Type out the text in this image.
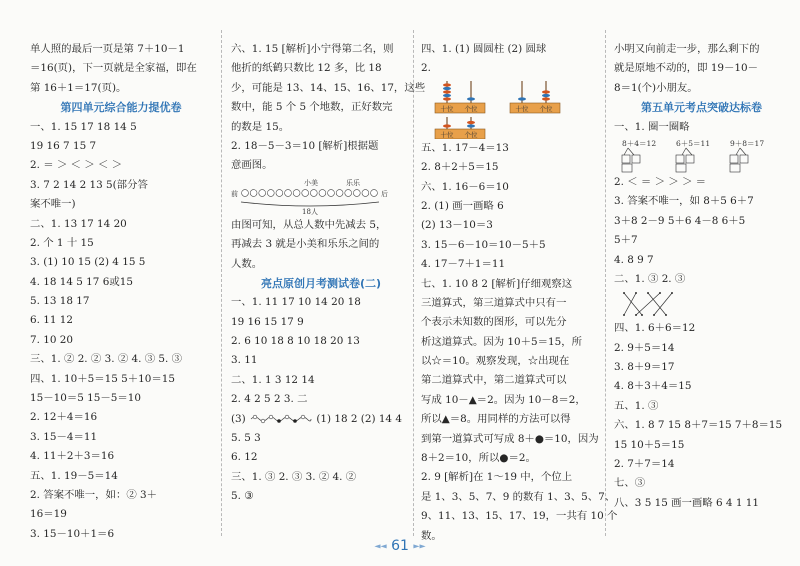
单人照的最后一页是第 7＋10－1
＝16(页)，下一页就是全家福，即在
第 16＋1＝17(页)。
第四单元综合能力提优卷
一、1. 15 17 18 14 5
19 16 7 15 7
2. ＝ ＞ ＜ ＞ ＜ ＞
3. 7 2 14 2 13 5(部分答
案不唯一)
二、1. 13 17 14 20
2. 个 1 十 15
3. (1) 10 15 (2) 4 15 5
4. 18 14 5 17 6或15
5. 13 18 17
6. 11 12
7. 10 20
三、1. ② 2. ② 3. ② 4. ③ 5. ③
四、1. 10＋5＝15 5＋10＝15
15－10＝5 15－5＝10
2. 12＋4＝16
3. 15－4＝11
4. 11＋2＋3＝16
五、1. 19－5＝14
2. 答案不唯一，如：② 3＋
16＝19
3. 15－10＋1＝6
六、1. 15 [解析]小宁得第二名，则
他折的纸鹤只数比 12 多，比 18
少，可能是 13、14、15、16、17，这些
数中，能 5 个 5 个地数，正好数完
的数是 15。
2. 18－5－3＝10 [解析]根据题
意画图。
小美	乐乐
前	后
18人
由图可知，从总人数中先减去 5，
再减去 3 就是小美和乐乐之间的
人数。
亮点原创月考测试卷(二)
一、1. 11 17 10 14 20 18
19 16 15 17 9
2. 6 10 18 8 10 18 20 13
3. 11
二、1. 1 3 12 14
2. 4 2 5 2 3. 二
(3)	(1) 18 2 (2) 14 4
5. 5 3
6. 12
三、1. ③ 2. ③ 3. ② 4. ②
5. ③
四、1. (1) 圆圆柱 (2) 圆球
2.
十位 个位	十位 个位
十位 个位
五、1. 17－4＝13
2. 8＋2＋5＝15
六、1. 16－6＝10
2. (1) 画一画略 6
(2) 13－10＝3
3. 15－6－10＝10－5＋5
4. 17－7＋1＝11
七、1. 10 8 2 [解析]仔细观察这
三道算式，第三道算式中只有一
个表示未知数的图形，可以先分
析这道算式。因为 10＋5＝15，所
以☆＝10。观察发现，☆出现在
第二道算式中，第二道算式可以
写成 10－▲＝2。因为 10－8＝2，
所以▲＝8。用同样的方法可以得
到第一道算式可写成 8＋●＝10，因为
8＋2＝10，所以●＝2。
2. 9 [解析]在 1～19 中，个位上
是 1、3、5、7、9 的数有 1、3、5、7、
9、11、13、15、17、19，一共有 10 个
数。
小明又向前走一步，那么剩下的
就是原地不动的，即 19－10－
8＝1(个)小朋友。
第五单元考点突破达标卷
一、1. 圈一圈略
8＋4＝12	6＋5＝11	9＋8＝17
2. ＜ ＝ ＞ ＞ ＞ ＝
3. 答案不唯一，如 8＋5 6＋7
3＋8 2－9 5＋6 4－8 6＋5
5＋7
4. 8 9 7
二、1. ③ 2. ③
四、1. 6＋6＝12
2. 9＋5＝14
3. 8＋9＝17
4. 8＋3＋4＝15
五、1. ③
六、1. 8 7 15 8＋7＝15 7＋8＝15
15 10＋5＝15
2. 7＋7＝14
七、③
八、3 5 15 画一画略 6 4 1 11
◄◄ 61 ►►
